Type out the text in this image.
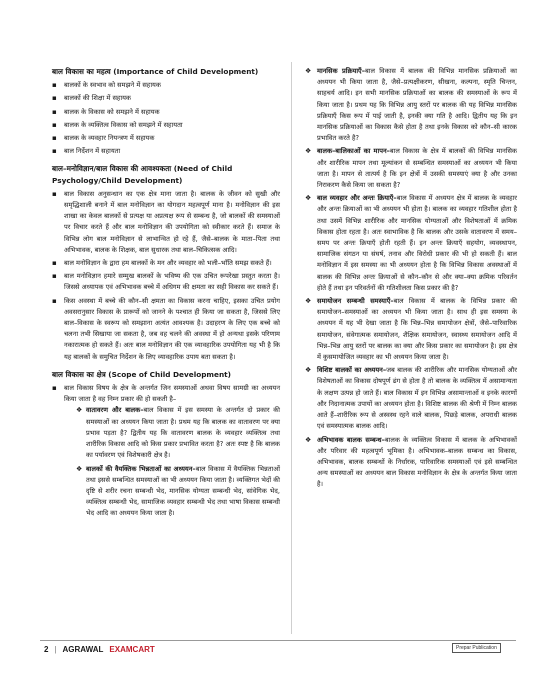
बाल विकास का महत्व (Importance of Child Development)
▪ बालकों के स्वभाव को समझने में सहायक
▪ बालकों की शिक्षा में सहायक
▪ बालक के विकास को समझने में सहायक
▪ बालक के व्यक्तित्व विकास को समझने में सहायता
▪ बालक के व्यवहार नियन्त्रण में सहायक
▪ बाल निर्देशन में सहायता
बाल–मनोविज्ञान/बाल विकास की आवश्यकता (Need of Child Psychology/Child Development)
▪ बाल विकास अनुसन्धान का एक क्षेत्र माना जाता है। बालक के जीवन को सुखी और समृद्धिशाली बनाने में बाल मनोविज्ञान का योगदान महत्वपूर्ण माना है। मनोविज्ञान की इस शाखा का केवल बालकों से प्रत्यक्ष या अप्रत्यक्ष रूप से सम्बन्ध है, जो बालकों की समस्याओं पर विचार करते हैं और बाल मनोविज्ञान की उपयोगिता को स्वीकार करते हैं। समाज के विभिन्न लोग बाल मनोविज्ञान से लाभान्वित हो रहे हैं, जैसे–बालक के माता–पिता तथा अभिभावक, बालक के शिक्षक, बाल सुधारक तथा बाल–चिकित्सक आदि।
▪ बाल मनोविज्ञान के द्वारा हम बालकों के मन और व्यवहार को भली–भाँति समझ सकते हैं।
▪ बाल मनोविज्ञान हमारे सम्मुख बालकों के भविष्य की एक उचित रूपरेखा प्रस्तुत करता है। जिससे अध्यापक एवं अभिभावक बच्चे में अधिगम की क्षमता का सही विकास कर सकते हैं।
▪ किस अवस्था में बच्चे की कौन–सी क्षमता का विकास करना चाहिए, इसका उचित प्रयोग अवसरानुसार विकास के प्रारूपों को जानने के पश्चात ही किया जा सकता है, जिससे लिए बाल–विकास के स्वरूप को समझाना अत्यंत आवश्यक है। उदाहरण के लिए एक बच्चे को चलना तभी सिखाया जा सकता है, जब वह चलने की अवस्था में हो अन्यथा इसके परिणाम नकारात्मक हो सकते हैं। अतः बाल मनोविज्ञान की एक व्यावहारिक उपयोगिता यह भी है कि यह बालकों के समुचित निर्देशन के लिए व्यावहारिक उपाय बता सकता है।
बाल विकास का क्षेत्र (Scope of Child Development)
▪ बाल विकास विषय के क्षेत्र के अन्तर्गत जिन समस्याओं अथवा विषय सामग्री का अध्ययन किया जाता है वह निम्न प्रकार की हो सकती है–
❖ वातावरण और बालक–बाल विकास में इस समस्या के अन्तर्गत दो प्रकार की समस्याओं का अध्ययन किया जाता है। प्रथम यह कि बालक का वातावरण पर क्या प्रभाव पड़ता है? द्वितीय यह कि वातावरण बालक के व्यवहार व्यक्तित्व तथा शारीरिक विकास आदि को किस प्रकार प्रभावित करता है? अतः स्पष्ट है कि बालक का पर्यावरण एवं विशेषकारी क्षेत्र है।
❖ बालकों की वैयक्तिक भिन्नताओं का अध्ययन–बाल विकास में वैयक्तिक भिन्नताओं तथा इससे सम्बन्धित समस्याओं का भी अध्ययन किया जाता है। व्यक्तिगत भेदों की दृष्टि से शरीर रचना सम्बन्धी भेद, मानसिक योग्यता सम्बन्धी भेद, सांवेगिक भेद, व्यक्तित्व सम्बन्धी भेद, सामाजिक व्यवहार सम्बन्धी भेद तथा भाषा विकास सम्बन्धी भेद आदि का अध्ययन किया जाता है।
❖ मानसिक प्रक्रियाएँ–बाल विकास में बालक की विभिन्न मानसिक प्रक्रियाओं का अध्ययन भी किया जाता है, जैसे–प्रत्यक्षीकरण, सीखना, कल्पना, स्मृति चिन्तन, साहचर्य आदि। इन सभी मानसिक प्रक्रियाओं का बालक की समस्याओं के रूप में किया जाता है। प्रथम यह कि विभिन्न आयु स्तरों पर बालक की यह विभिन्न मानसिक प्रक्रियाएँ किस रूप में पाई जाती है, इनकी क्या गति है आदि। द्वितीय यह कि इन मानसिक प्रक्रियाओं का विकास कैसे होता है तथा इनके विकास को कौन–सी कारक प्रभावित करते है?
❖ बालक–बालिकाओं का मापन–बाल विकास के क्षेत्र में बालकों की विभिन्न मानसिक और शारीरिक मापन तथा मूल्यांकन से सम्बन्धित समस्याओं का अध्ययन भी किया जाता है। मापन से तात्पर्य है कि इन क्षेत्रों में उसकी समस्याएं क्या है और उनका निराकरण कैसे किया जा सकता है?
❖ बाल व्यवहार और अन्तः क्रियाएँ–बाल विकास में अध्ययन क्षेत्र में बालक के व्यवहार और अन्तः क्रियाओं का भी अध्ययन भी होता है। बालक का व्यवहार गतिशील होता है तथा उसमें विभिन्न शारीरिक और मानसिक योग्यताओं और विशेषताओं में क्रमिक विकास होता रहता है। अतः स्वाभाविक है कि बालक और उसके वातावरण में समय–समय पर अन्तः क्रियाएँ होती रहती हैं। इन अन्तः क्रियाएँ सहयोग, व्यवस्थापन, सामाजिक संगठन या संघर्ष, तनाव और विरोधी प्रकार की भी हो सकती हैं। बाल मनोविज्ञान में इस समस्या का भी अध्ययन होता है कि विभिन्न विकास अवस्थाओं में बालक की विभिन्न अन्तः क्रियाओं से कौन–कौन से और क्या–क्या क्रमिक परिवर्तन होते हैं तथा इन परिवर्तनों की गतिशीलता किस प्रकार की है?
❖ समायोजन सम्बन्धी समस्याएँ–बाल विकास में बालक के विभिन्न प्रकार की समायोजन–समस्याओं का अध्ययन भी किया जाता है। साथ ही इस समस्या के अध्ययन में यह भी देखा जाता है कि भिन्न–भिन्न समायोजन क्षेत्रों, जैसे–पारिवारिक समायोजन, संवेगात्मक समायोजन, शैक्षिक समायोजन, स्वास्थ्य समायोजन आदि में भिन्न–भिन्न आयु स्तरों पर बालक का क्या और किस प्रकार का समायोजन है। इस क्षेत्र में कुसमायोजित व्यवहार का भी अध्ययन किया जाता है।
❖ विशिष्ट बालकों का अध्ययन–जब बालक की शारीरिक और मानसिक योग्यताओं और विशेषताओं का विकास दोषपूर्ण ढंग से होता है तो बालक के व्यक्तित्व में असामान्यता के लक्षण उत्पन्न हो जाते हैं। बाल विकास में इन विभिन्न असामान्ताओं व इनके कारणों और निदानात्मक उपायों का अध्ययन होता है। विशिष्ट बालक की श्रेणी में निम्न बालक आते हैं–शारीरिक रूप से अस्वस्थ रहने वाले बालक, पिछड़े बालक, अपराधी बालक एवं समस्यात्मक बालक आदि।
❖ अभिभावक बालक सम्बन्ध–बालक के व्यक्तित्व विकास में बालक के अभिभावकों और परिवार की महत्वपूर्ण भूमिका है। अभिभावक–बालक सम्बन्ध का विकास, अभिभावक, बालक सम्बन्धों के निर्धारक, पारिवारिक समस्याओं एवं इसे सम्बन्धित अन्य समस्याओं का अध्ययन बाल विकास मनोविज्ञान के क्षेत्र के अन्तर्गत किया जाता है।
2 | AGRAWAL EXAMCART	Prepar Publication
